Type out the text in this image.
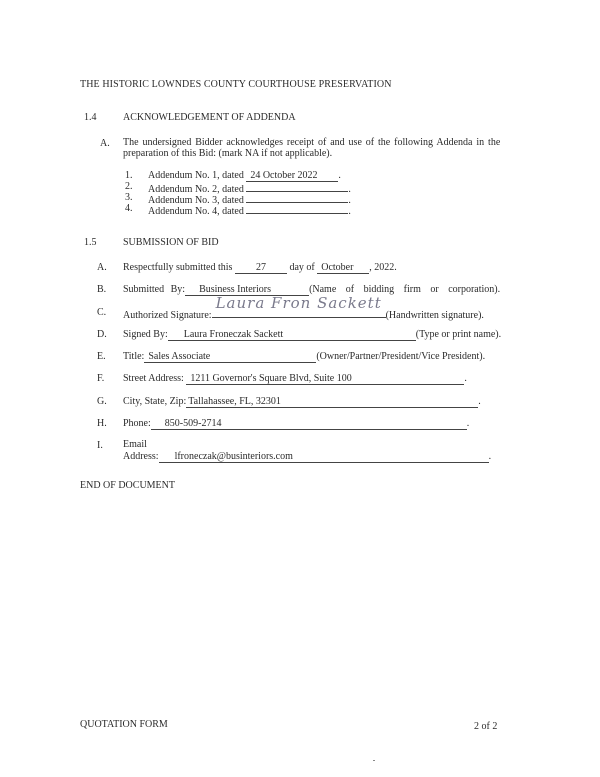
THE HISTORIC LOWNDES COUNTY COURTHOUSE PRESERVATION
1.4	ACKNOWLEDGEMENT OF ADDENDA
A. The undersigned Bidder acknowledges receipt of and use of the following Addenda in the
preparation of this Bid: (mark NA if not applicable).
1. Addendum No. 1, dated 24 October 2022 .
2. Addendum No. 2, dated	.
3. Addendum No. 3, dated	.
4. Addendum No. 4, dated	.
1.5	SUBMISSION OF BID
A. Respectfully submitted this 27 day of October , 2022.
B. Submitted By: Business Interiors	(Name of bidding firm or corporation).
C. Authorized Signature:
Laura Fron Sackett
(Handwritten signature).
D. Signed By: Laura Froneczak Sackett	(Type or print name).
E. Title: Sales Associate	(Owner/Partner/President/Vice President).
F. Street Address: 1211 Governor's Square Blvd, Suite 100	.
G. City, State, Zip: Tallahassee, FL, 32301	.
H. Phone: 850-509-2714	.
I. Email
Address: lfroneczak@businteriors.com	.
END OF DOCUMENT
QUOTATION FORM	2 of 2
